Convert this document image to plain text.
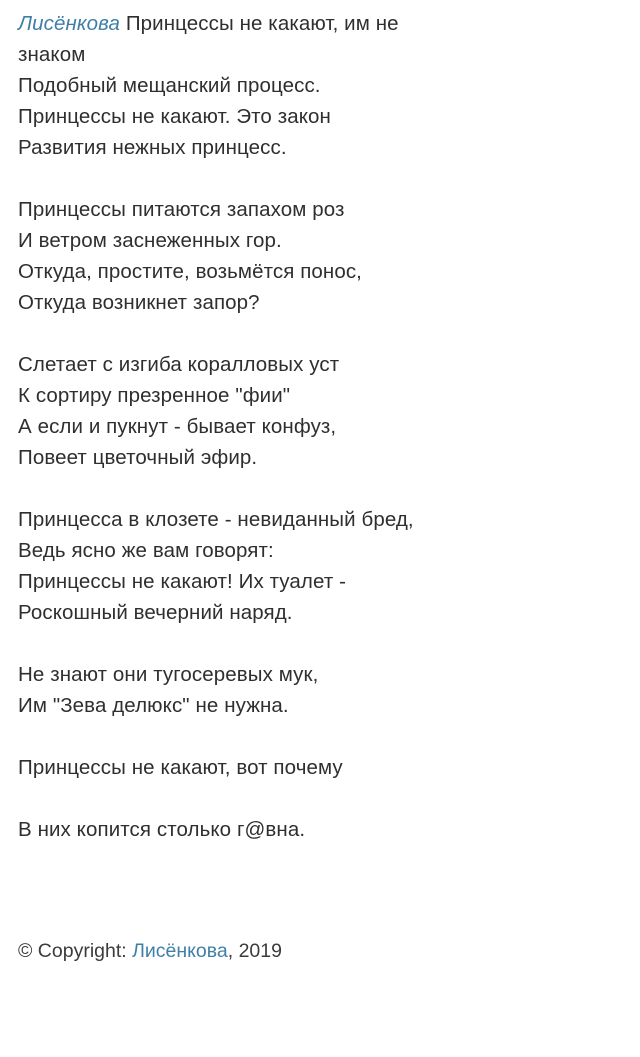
Лисёнкова Принцессы не какают, им не
знаком
Подобный мещанский процесс.
Принцессы не какают. Это закон
Развития нежных принцесс.

Принцессы питаются запахом роз
И ветром заснеженных гор.
Откуда, простите, возьмётся понос,
Откуда возникнет запор?

Слетает с изгиба коралловых уст
К сортиру презренное "фии"
А если и пукнут - бывает конфуз,
Повеет цветочный эфир.

Принцесса в клозете - невиданный бред,
Ведь ясно же вам говорят:
Принцессы не какают! Их туалет -
Роскошный вечерний наряд.

Не знают они тугосеревых мук,
Им "Зева делюкс" не нужна.

Принцессы не какают, вот почему

В них копится столько г@вна.

© Copyright: Лисёнкова, 2019
